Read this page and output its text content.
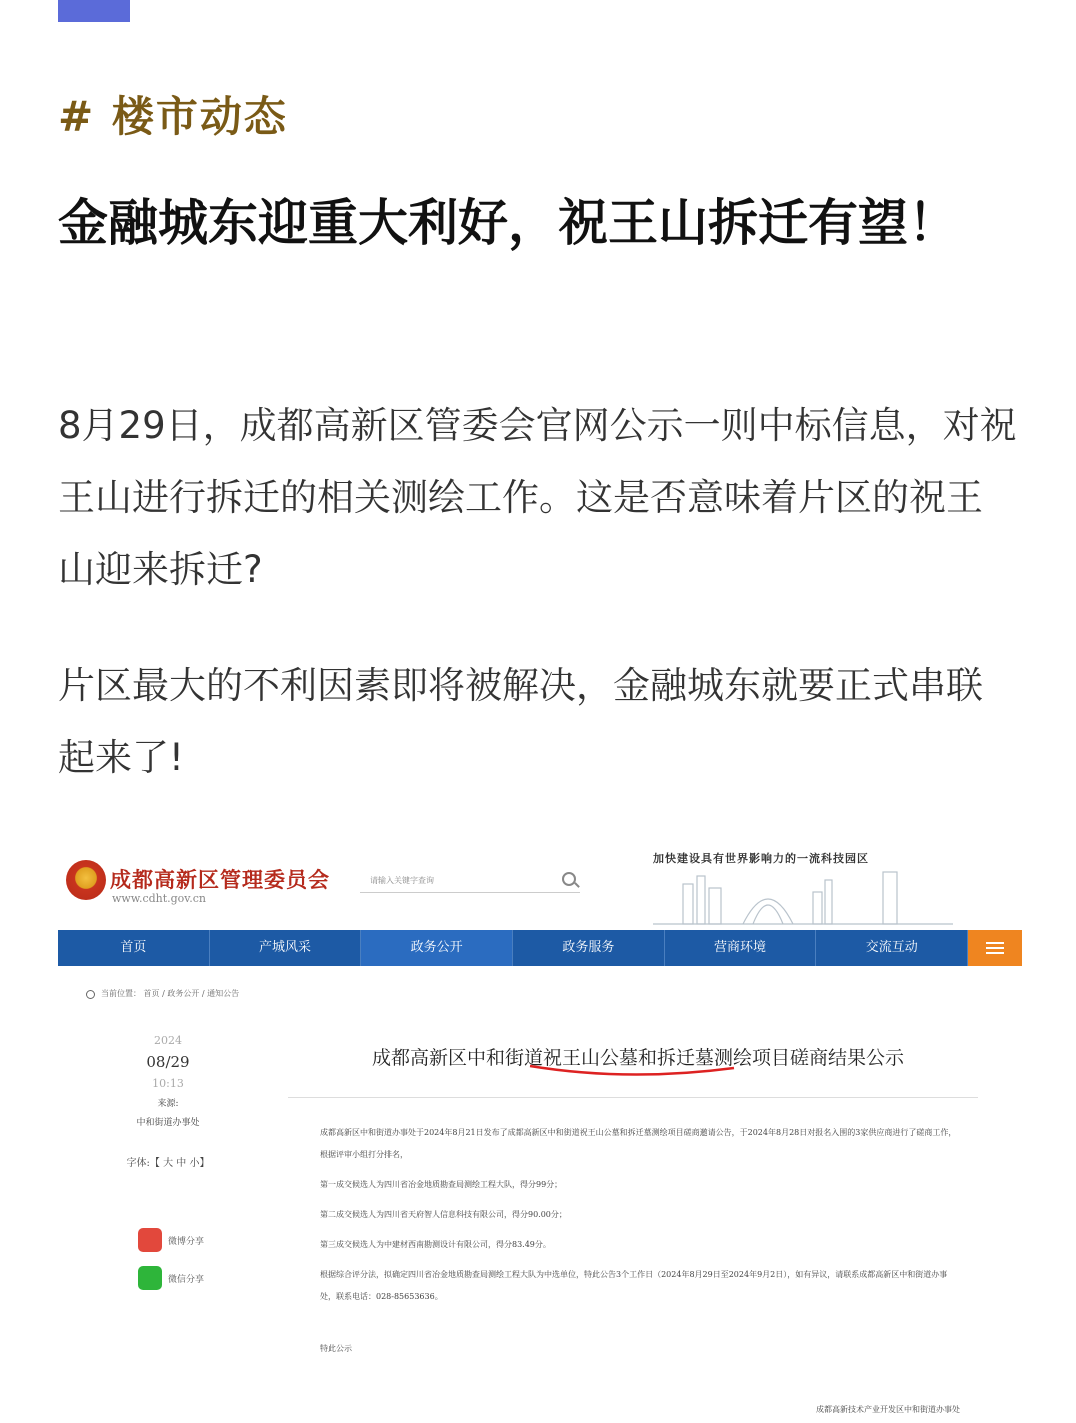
# 楼市动态
金融城东迎重大利好，祝王山拆迁有望！
8月29日，成都高新区管委会官网公示一则中标信息，对祝王山进行拆迁的相关测绘工作。这是否意味着片区的祝王山迎来拆迁?
片区最大的不利因素即将被解决，金融城东就要正式串联起来了!
成都高新区管理委员会
www.cdht.gov.cn
请输入关键字查询
加快建设具有世界影响力的一流科技园区
首页	产城风采	政务公开	政务服务	营商环境	交流互动
当前位置： 首页 / 政务公开 / 通知公告
2024
08/29
10:13
来源:
中和街道办事处
字体:【 大 中 小】
微博分享
微信分享
成都高新区中和街道祝王山公墓和拆迁墓测绘项目磋商结果公示

成都高新区中和街道办事处于2024年8月21日发布了成都高新区中和街道祝王山公墓和拆迁墓测绘项目磋商邀请公告，于2024年8月28日对报名入围的3家供应商进行了磋商工作，根据评审小组打分排名，

第一成交候选人为四川省冶金地质勘查局测绘工程大队，得分99分；

第二成交候选人为四川省天府智人信息科技有限公司，得分90.00分；

第三成交候选人为中建材西南勘测设计有限公司，得分83.49分。

根据综合评分法，拟确定四川省冶金地质勘查局测绘工程大队为中选单位，特此公告3个工作日（2024年8月29日至2024年9月2日），如有异议，请联系成都高新区中和街道办事处，联系电话：028-85653636。

特此公示
成都高新技术产业开发区中和街道办事处
